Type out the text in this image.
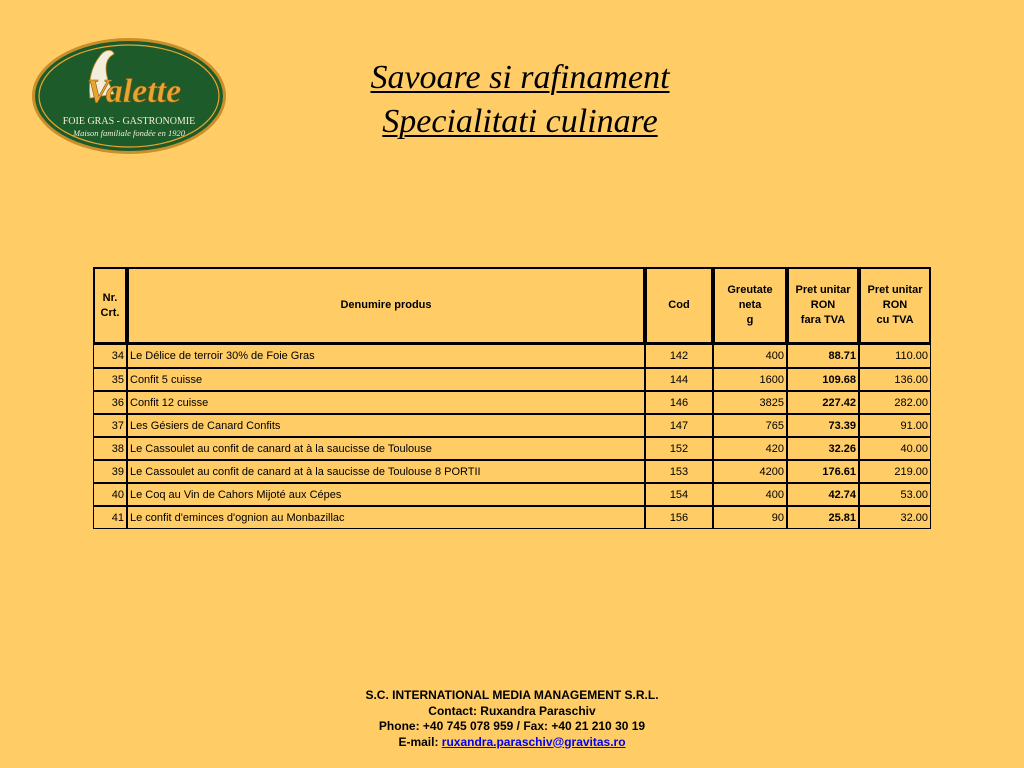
Valette
FOIE GRAS - GASTRONOMIE
Maison familiale fondée en 1920
Savoare si rafinament
Specialitati culinare
Nr.
Crt.	Denumire produs	Cod	Greutate
neta
g	Pret unitar
RON
fara TVA	Pret unitar
RON
cu TVA
34	Le Délice de terroir 30% de Foie Gras	142	400	88.71	110.00
35	Confit 5 cuisse	144	1600	109.68	136.00
36	Confit 12 cuisse	146	3825	227.42	282.00
37	Les Gésiers de Canard Confits	147	765	73.39	91.00
38	Le Cassoulet au confit de canard at à la saucisse de Toulouse	152	420	32.26	40.00
39	Le Cassoulet au confit de canard at à la saucisse de Toulouse 8 PORTII	153	4200	176.61	219.00
40	Le Coq au Vin de Cahors Mijoté aux Cépes	154	400	42.74	53.00
41	Le confit d'eminces d'ognion au Monbazillac	156	90	25.81	32.00
S.C. INTERNATIONAL MEDIA MANAGEMENT S.R.L.
Contact: Ruxandra Paraschiv
Phone: +40 745 078 959 / Fax: +40 21 210 30 19
E-mail: ruxandra.paraschiv@gravitas.ro
